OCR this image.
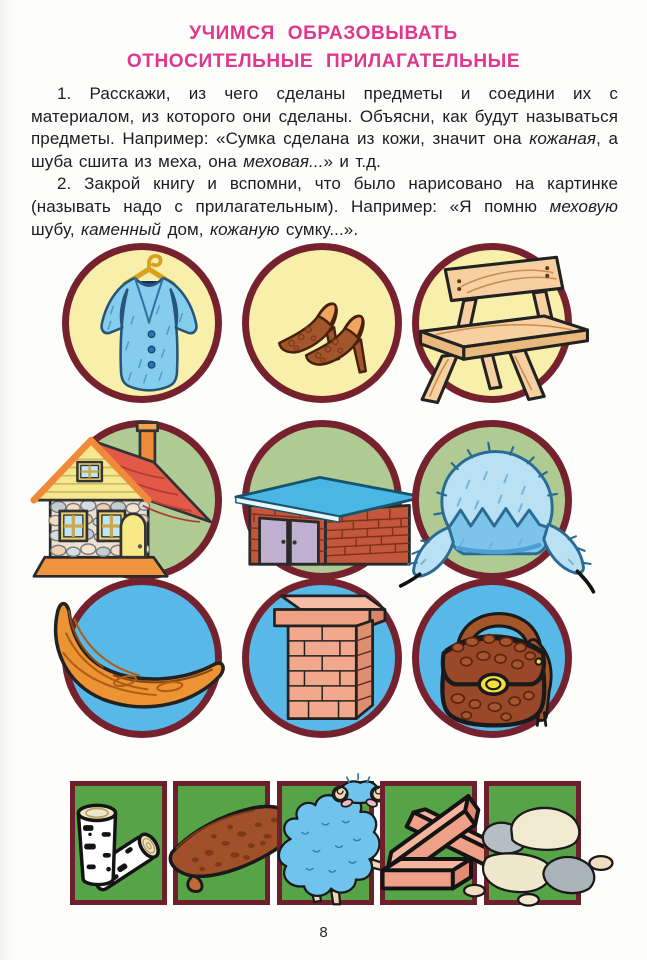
УЧИМСЯ ОБРАЗОВЫВАТЬ
ОТНОСИТЕЛЬНЫЕ ПРИЛАГАТЕЛЬНЫЕ

1. Расскажи, из чего сделаны предметы и соедини их с материалом, из которого они сделаны. Объясни, как будут называться предметы. Например: «Сумка сделана из кожи, значит она кожаная, а шуба сшита из меха, она меховая...» и т.д.

2. Закрой книгу и вспомни, что было нарисовано на картинке (называть надо с прилагательным). Например: «Я помню меховую шубу, каменный дом, кожаную сумку...».

8
